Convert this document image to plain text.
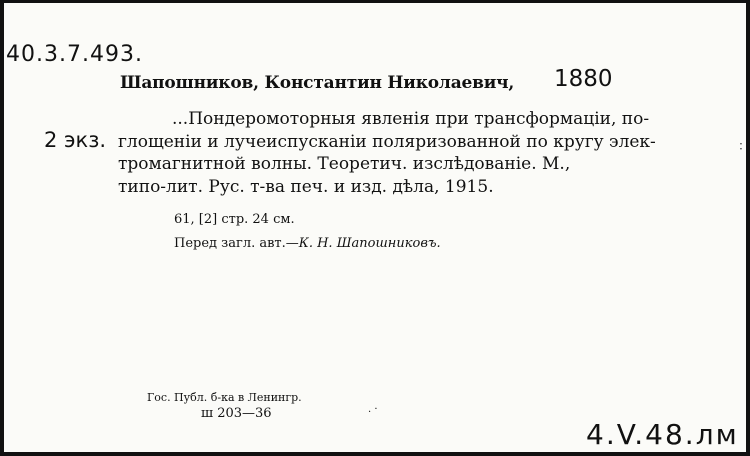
˸
40.3.7.493.
2 экз.
Шапошников, Константин Николаевич, 1880
...Пондеромоторныя явленія при трансформаціи, по-
глощеніи и лучеиспусканіи поляризованной по кругу элек-
тромагнитной волны. Теоретич. изслѣдованіе. М.,
типо-лит. Рус. т-ва печ. и изд. дѣла, 1915.
61, [2] стр. 24 см.
Перед загл. авт.—К. Н. Шапошниковъ.
Гос. Публ. б-ка в Ленингр.
ш 203—36	. ·
4.V.48.лм
